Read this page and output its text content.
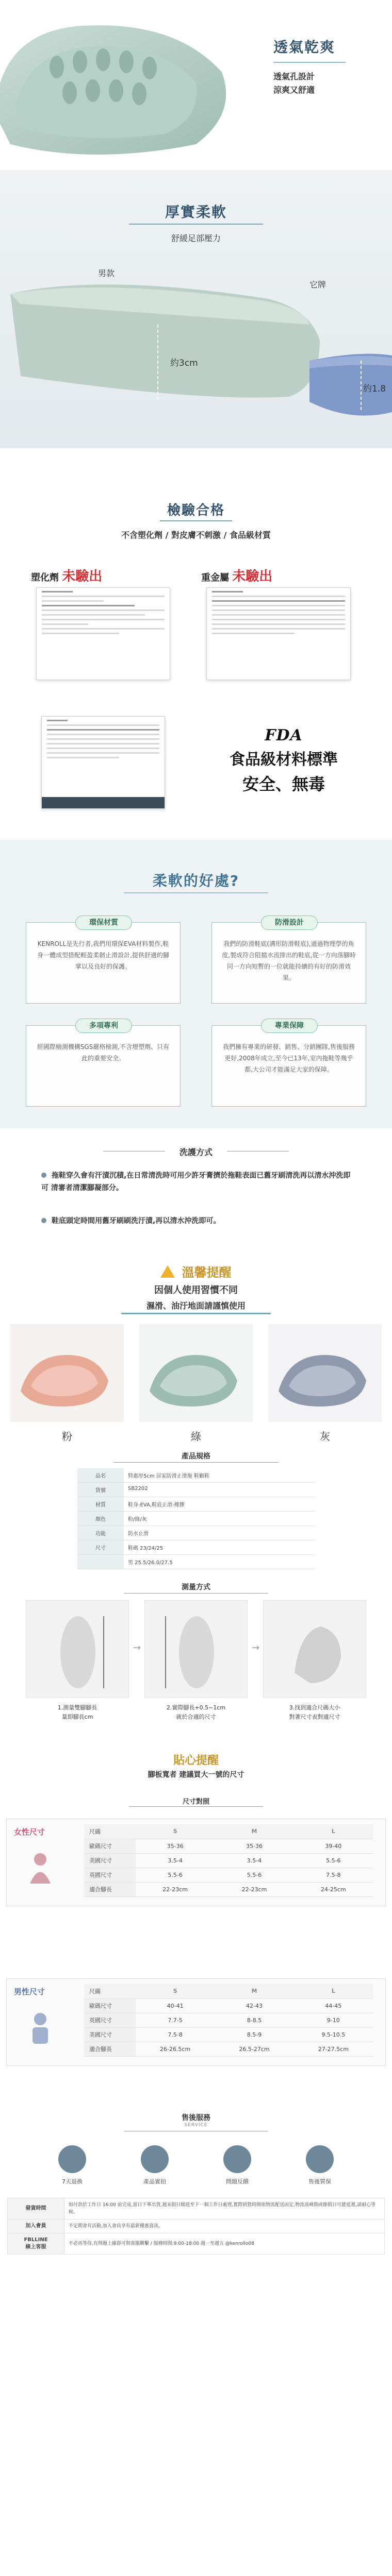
透氣乾爽
透氣孔設計
涼爽又舒適
厚實柔軟
舒緩足部壓力
男款
它牌
約3cm
約1.8
檢驗合格
不含塑化劑 / 對皮膚不刺激 / 食品級材質
塑化劑 未驗出	重金屬 未驗出
FDA
食品級材料標準
安全、無毒
柔軟的好處?
環保材質
KENROLL是先行者,我們用環保EVA材料製作,鞋身一體成型搭配輕盈柔韌止滑設計,提供舒適的腳掌以及良好的保護。
防滑設計
我們的防滑鞋底(溝形防滑鞋底),通過物理學的角度,製成符合阻擋水流排出的鞋底,從一方向落腳時同一方向短暫的一位就能持續的有好的防滑效果。
多項專利
經國際檢測機構SGS嚴格檢測,不含增塑劑、只有此的重要安全。
專業保障
我們擁有專業的研發、銷售、分銷團隊,售後服務更好,2008年成立,至今已13年,室內拖鞋等幾乎都,大公司才能滿足大家的保障。
洗護方式
拖鞋穿久會有汗漬沉積,在日常清洗時可用少許牙膏擠於拖鞋表面已舊牙刷清洗再以清水沖洗即可 清審者清潔腳凝部分。
鞋底頭定時間用舊牙刷刷洗汙漬,再以清水沖洗即可。
溫馨提醒
因個人使用習慣不同
濕滑、油汙地面請謹慎使用
粉	綠	灰
產品規格
品名	特惠厚5cm 居家防滑止滑拖 鞋顧鞋
貨號	SB2202
材質	鞋身-EVA,鞋底止滑-橡膠
顏色	粉/綠/灰
功能	防水止滑
尺寸	鞋碼 23/24/25
	男 25.5/26.0/27.5
測量方式
→	→
1.測量雙腳腳長
量即腳長cm
2.實際腳長+0.5~1cm
就於合適的尺寸
3.找到適合尺碼大小
對著尺寸表對適尺寸
貼心提醒
腳板寬者 建議買大一號的尺寸
尺寸對照
女性尺寸	尺碼	S	M	L
歐碼尺寸	35-36	35-36	39-40
美國尺寸	3.5-4	3.5-4	5.5-6
英國尺寸	5.5-6	5.5-6	7.5-8
適合腳長	22-23cm	22-23cm	24-25cm
男性尺寸	尺碼	S	M	L
歐碼尺寸	40-41	42-43	44-45
英國尺寸	7.7-5	8-8.5	9-10
美國尺寸	7.5-8	8.5-9	9.5-10.5
適合腳長	26-26.5cm	26.5-27cm	27-27.5cm
售後服務
SERVICE
7天退換	產品實拍	問題反饋	售後質保
發貨時間	如付款於工作日 16:00 前完成,當日下單出貨,週末假日順延至下一個工作日處理,實際到貨時間依物流配送而定,物流高峰期或節假日可能延遲,請耐心等候。
加入會員	不定期會有活動,加入會員享有最新優惠資訊。
FBLLINE
線上客服	不必再等待,有問題上線即可與客服聯繫 / 服務時間:9:00-18:00 週一至週五 @kenrollo08
